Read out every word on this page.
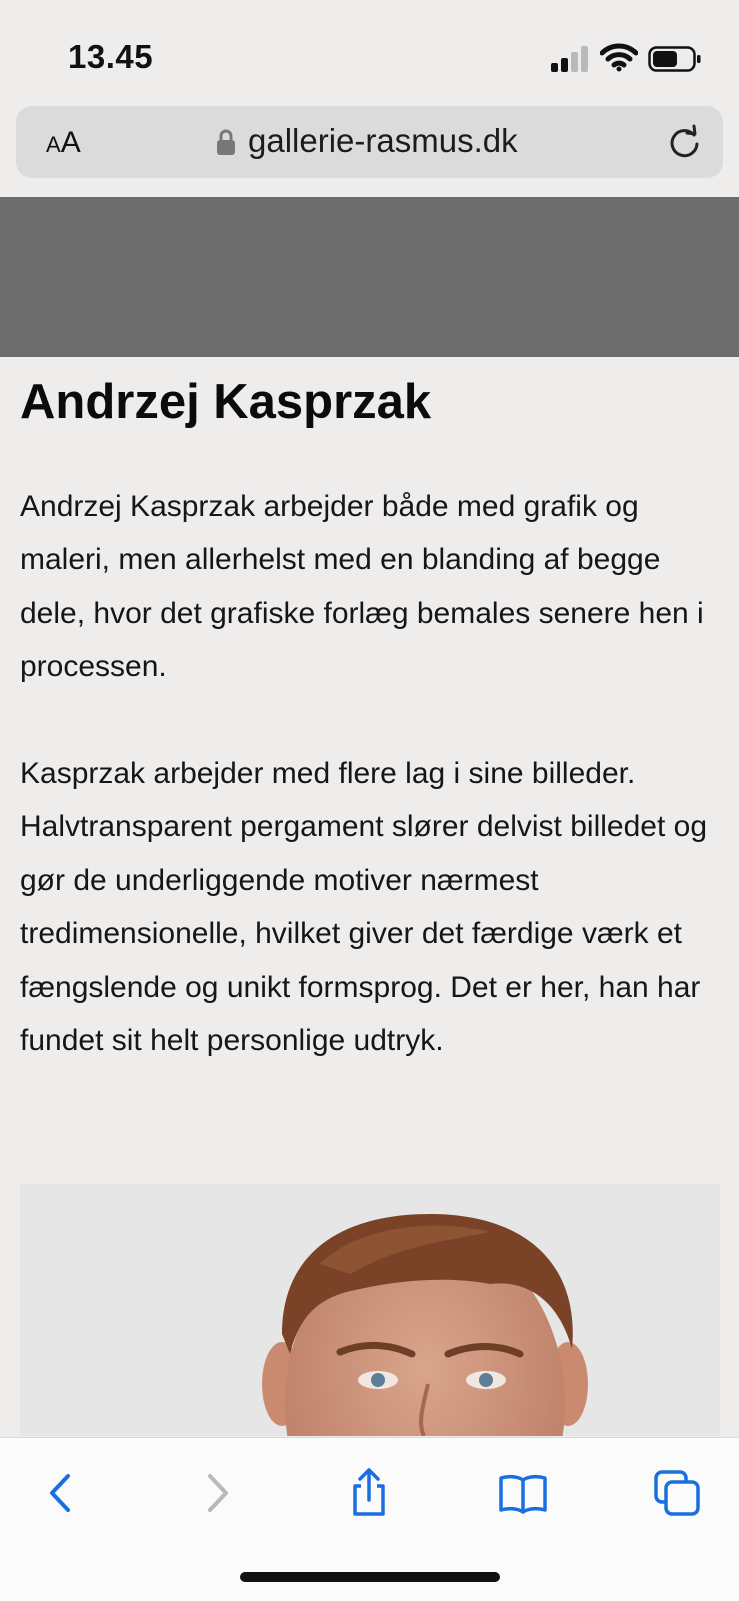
13.45
AA	gallerie-rasmus.dk
Andrzej Kasprzak

Andrzej Kasprzak arbejder både med grafik og maleri, men allerhelst med en blanding af begge dele, hvor det grafiske forlæg bemales senere hen i processen.

Kasprzak arbejder med flere lag i sine billeder. Halvtransparent pergament slører delvist billedet og gør de underliggende motiver nærmest tredimensionelle, hvilket giver det færdige værk et fængslende og unikt formsprog. Det er her, han har fundet sit helt personlige udtryk.
